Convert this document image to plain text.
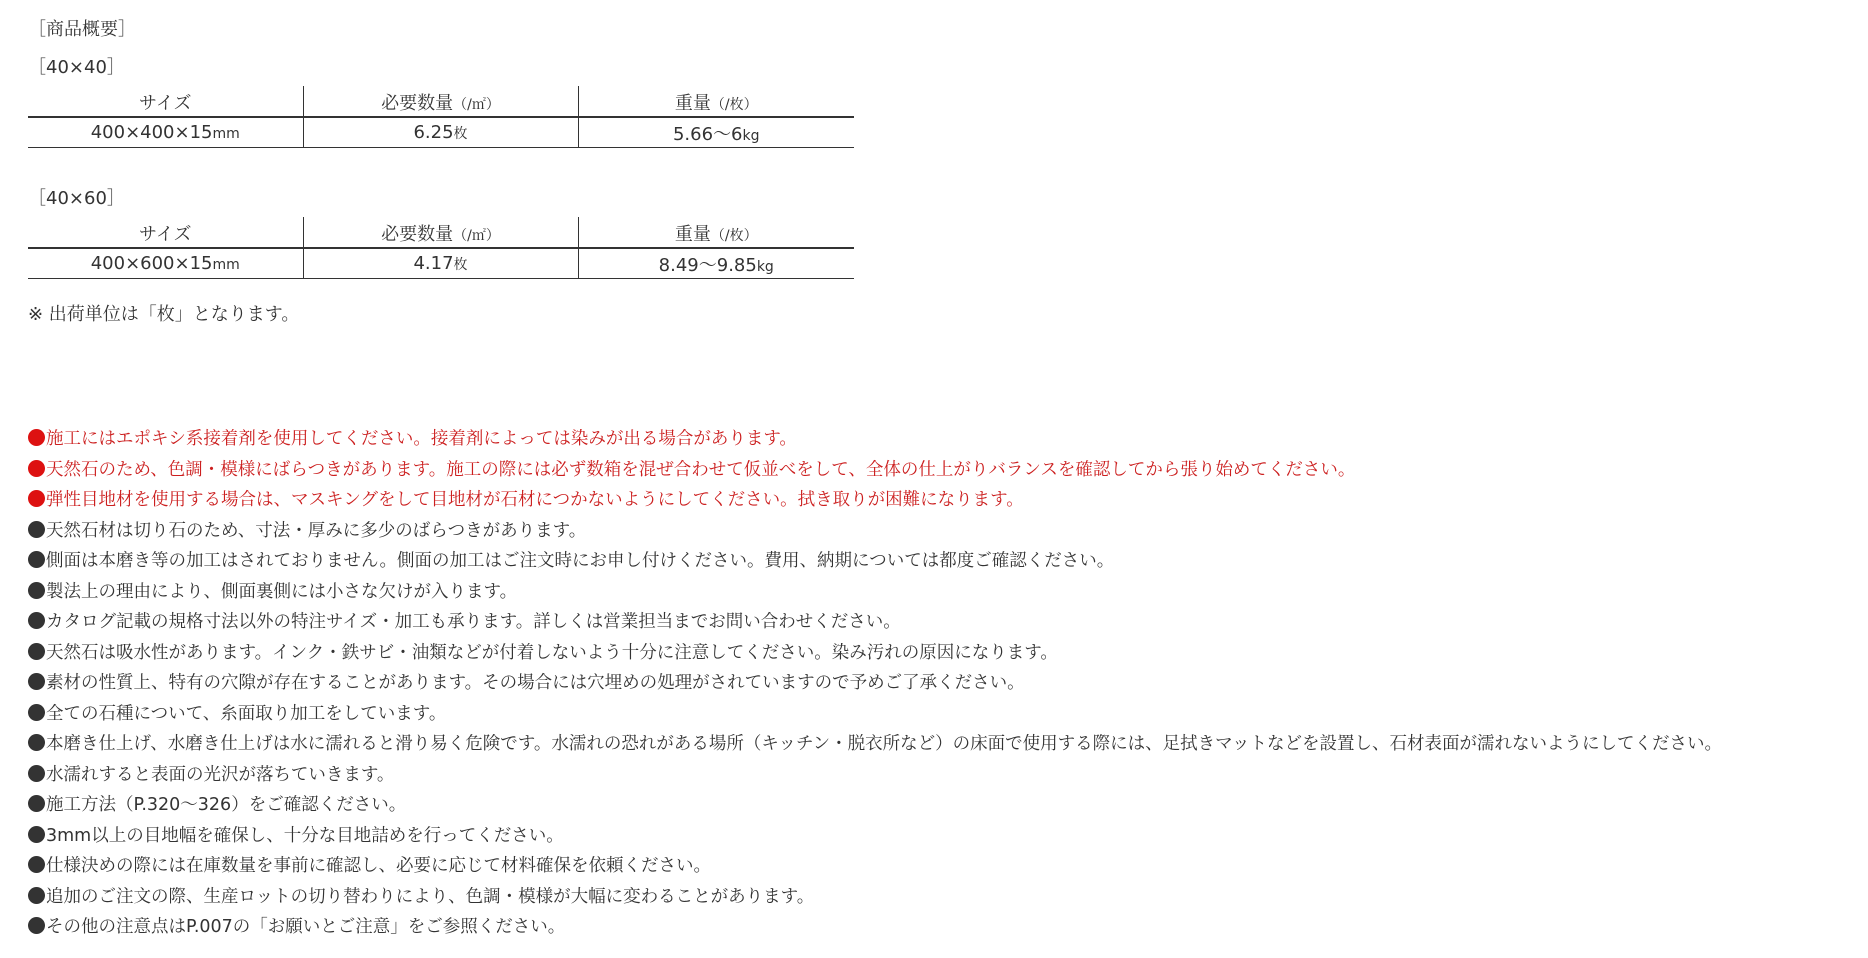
［商品概要］
［40×40］
サイズ	必要数量（/㎡）	重量（/枚）
400×400×15mm	6.25枚	5.66〜6kg
［40×60］
サイズ	必要数量（/㎡）	重量（/枚）
400×600×15mm	4.17枚	8.49〜9.85kg
※ 出荷単位は「枚」となります。
施工にはエポキシ系接着剤を使用してください。接着剤によっては染みが出る場合があります。
天然石のため、色調・模様にばらつきがあります。施工の際には必ず数箱を混ぜ合わせて仮並べをして、全体の仕上がりバランスを確認してから張り始めてください。
弾性目地材を使用する場合は、マスキングをして目地材が石材につかないようにしてください。拭き取りが困難になります。
天然石材は切り石のため、寸法・厚みに多少のばらつきがあります。
側面は本磨き等の加工はされておりません。側面の加工はご注文時にお申し付けください。費用、納期については都度ご確認ください。
製法上の理由により、側面裏側には小さな欠けが入ります。
カタログ記載の規格寸法以外の特注サイズ・加工も承ります。詳しくは営業担当までお問い合わせください。
天然石は吸水性があります。インク・鉄サビ・油類などが付着しないよう十分に注意してください。染み汚れの原因になります。
素材の性質上、特有の穴隙が存在することがあります。その場合には穴埋めの処理がされていますので予めご了承ください。
全ての石種について、糸面取り加工をしています。
本磨き仕上げ、水磨き仕上げは水に濡れると滑り易く危険です。水濡れの恐れがある場所（キッチン・脱衣所など）の床面で使用する際には、足拭きマットなどを設置し、石材表面が濡れないようにしてください。
水濡れすると表面の光沢が落ちていきます。
施工方法（P.320〜326）をご確認ください。
3mm以上の目地幅を確保し、十分な目地詰めを行ってください。
仕様決めの際には在庫数量を事前に確認し、必要に応じて材料確保を依頼ください。
追加のご注文の際、生産ロットの切り替わりにより、色調・模様が大幅に変わることがあります。
その他の注意点はP.007の「お願いとご注意」をご参照ください。
